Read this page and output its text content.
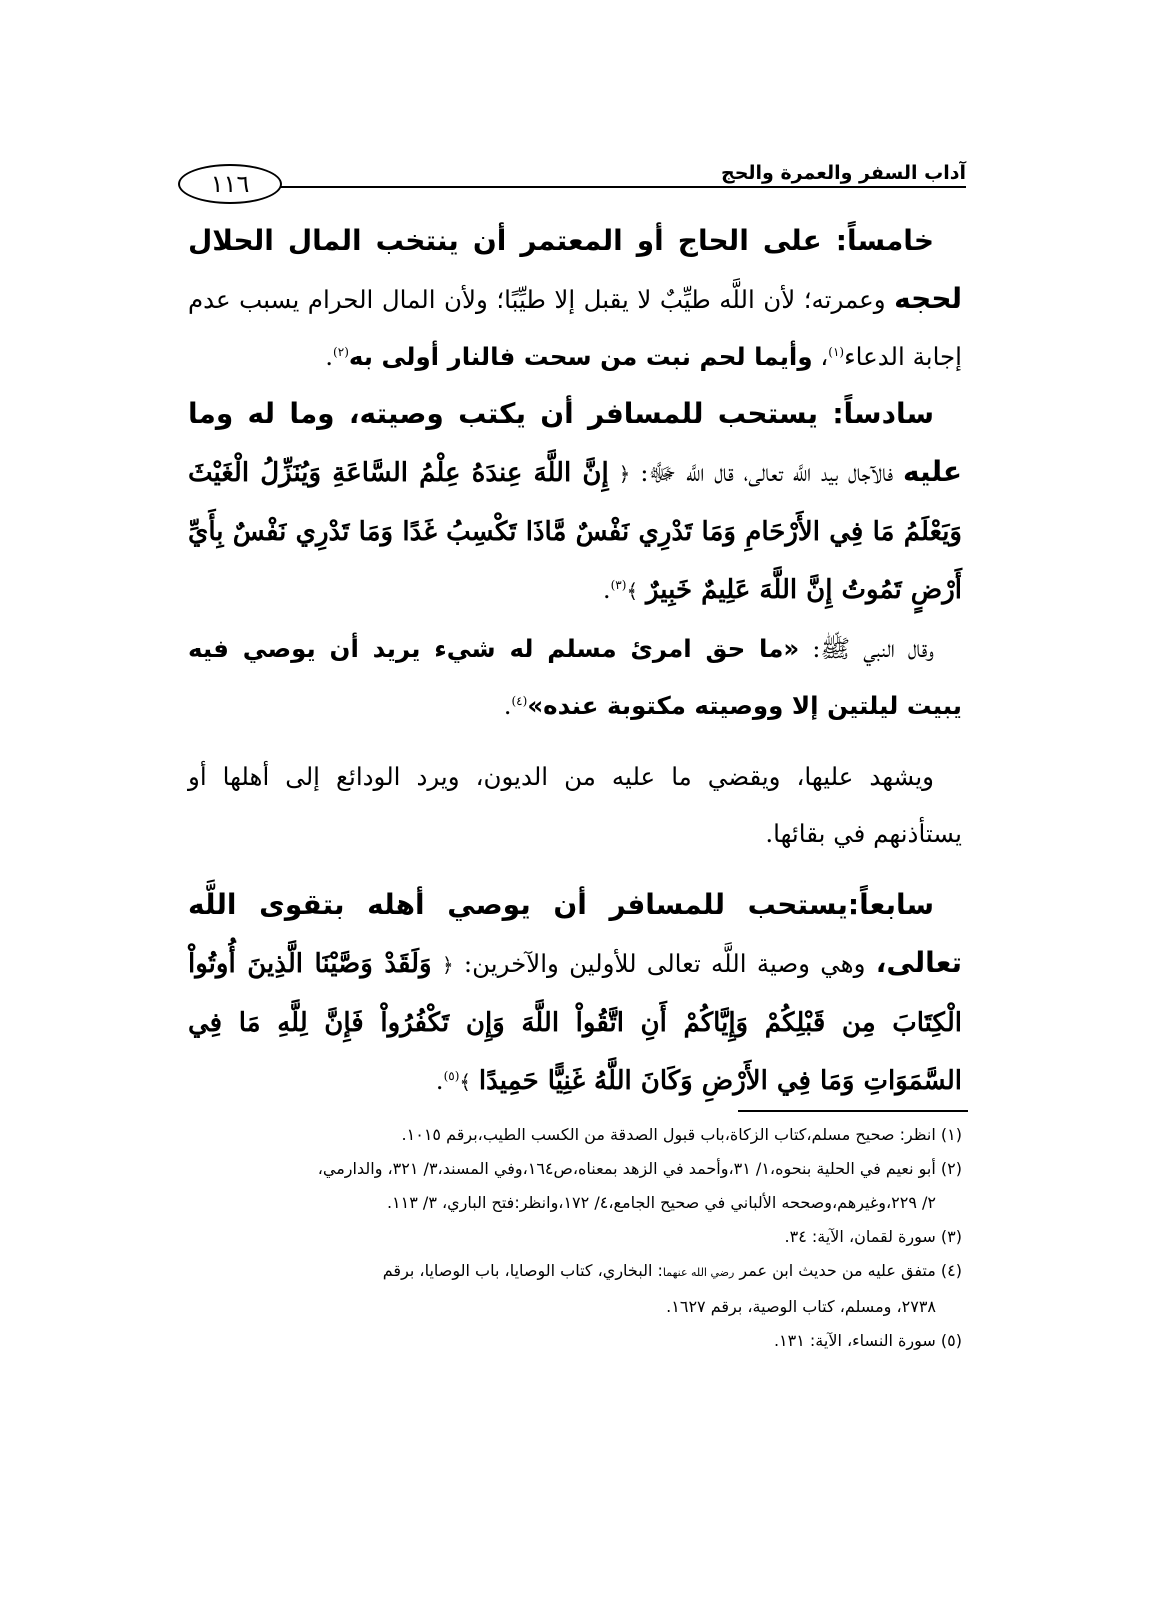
١١٦	آداب السفر والعمرة والحج

خامساً: على الحاج أو المعتمر أن ينتخب المال الحلال لحجه وعمرته؛ لأن اللَّه طيِّبٌ لا يقبل إلا طيِّبًا؛ ولأن المال الحرام يسبب عدم إجابة الدعاء$^{(١)}$، وأيما لحم نبت من سحت فالنار أولى به$^{(٢)}$.

سادساً: يستحب للمسافر أن يكتب وصيته، وما له وما عليه فالآجال بيد اللَّه تعالى، قال اللَّه ﷻ: ﴿ إِنَّ اللَّهَ عِندَهُ عِلْمُ السَّاعَةِ وَيُنَزِّلُ الْغَيْثَ وَيَعْلَمُ مَا فِي الأَرْحَامِ وَمَا تَدْرِي نَفْسٌ مَّاذَا تَكْسِبُ غَدًا وَمَا تَدْرِي نَفْسٌ بِأَيِّ أَرْضٍ تَمُوتُ إِنَّ اللَّهَ عَلِيمٌ خَبِيرٌ ﴾$^{(٣)}$.

وقال النبي ﷺ: «ما حق امرئ مسلم له شيء يريد أن يوصي فيه يبيت ليلتين إلا ووصيته مكتوبة عنده»$^{(٤)}$.

ويشهد عليها، ويقضي ما عليه من الديون، ويرد الودائع إلى أهلها أو يستأذنهم في بقائها.

سابعاً:يستحب للمسافر أن يوصي أهله بتقوى اللَّه تعالى، وهي وصية اللَّه تعالى للأولين والآخرين: ﴿ وَلَقَدْ وَصَّيْنَا الَّذِينَ أُوتُواْ الْكِتَابَ مِن قَبْلِكُمْ وَإِيَّاكُمْ أَنِ اتَّقُواْ اللَّهَ وَإِن تَكْفُرُواْ فَإِنَّ لِلَّهِ مَا فِي السَّمَوَاتِ وَمَا فِي الأَرْضِ وَكَانَ اللَّهُ غَنِيًّا حَمِيدًا ﴾$^{(٥)}$.

(١) انظر: صحيح مسلم،كتاب الزكاة،باب قبول الصدقة من الكسب الطيب،برقم ١٠١٥.

(٢) أبو نعيم في الحلية بنحوه،١/ ٣١،وأحمد في الزهد بمعناه،ص١٦٤،وفي المسند،٣/ ٣٢١، والدارمي،

٢/ ٢٢٩،وغيرهم،وصححه الألباني في صحيح الجامع،٤/ ١٧٢،وانظر:فتح الباري، ٣/ ١١٣.

(٣) سورة لقمان، الآية: ٣٤.

(٤) متفق عليه من حديث ابن عمر رضي الله عنهما: البخاري، كتاب الوصايا، باب الوصايا، برقم

٢٧٣٨، ومسلم، كتاب الوصية، برقم ١٦٢٧.

(٥) سورة النساء، الآية: ١٣١.
